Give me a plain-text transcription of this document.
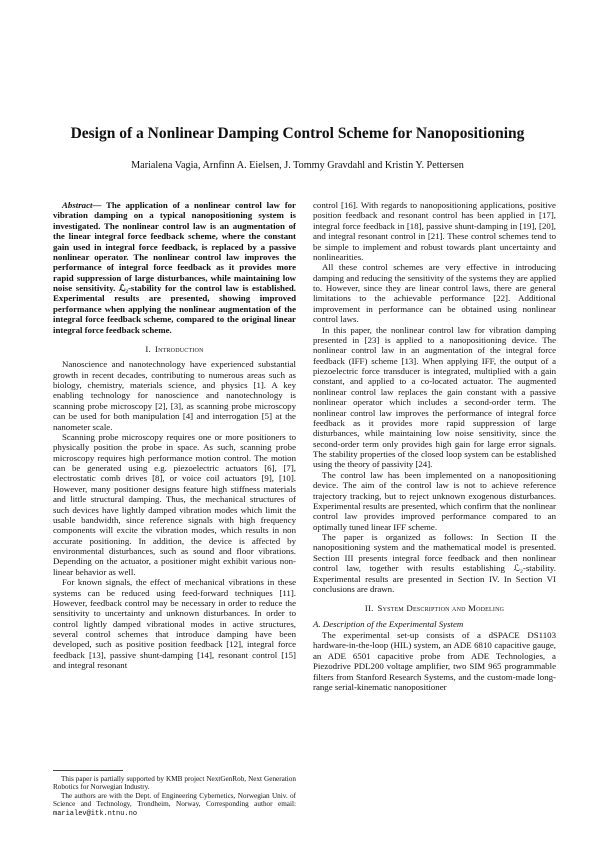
Design of a Nonlinear Damping Control Scheme for Nanopositioning
Marialena Vagia, Arnfinn A. Eielsen, J. Tommy Gravdahl and Kristin Y. Pettersen

Abstract— The application of a nonlinear control law for vibration damping on a typical nanopositioning system is investigated. The nonlinear control law is an augmentation of the linear integral force feedback scheme, where the constant gain used in integral force feedback, is replaced by a passive nonlinear operator. The nonlinear control law improves the performance of integral force feedback as it provides more rapid suppression of large disturbances, while maintaining low noise sensitivity. ℒ₂-stability for the control law is established. Experimental results are presented, showing improved performance when applying the nonlinear augmentation of the integral force feedback scheme, compared to the original linear integral force feedback scheme.

I. Introduction

Nanoscience and nanotechnology have experienced substantial growth in recent decades, contributing to numerous areas such as biology, chemistry, materials science, and physics [1]. A key enabling technology for nanoscience and nanotechnology is scanning probe microscopy [2], [3], as scanning probe microscopy can be used for both manipulation [4] and interrogation [5] at the nanometer scale.

Scanning probe microscopy requires one or more positioners to physically position the probe in space. As such, scanning probe microscopy requires high performance motion control. The motion can be generated using e.g. piezoelectric actuators [6], [7], electrostatic comb drives [8], or voice coil actuators [9], [10]. However, many positioner designs feature high stiffness materials and little structural damping. Thus, the mechanical structures of such devices have lightly damped vibration modes which limit the usable bandwidth, since reference signals with high frequency components will excite the vibration modes, which results in non accurate positioning. In addition, the device is affected by environmental disturbances, such as sound and floor vibrations. Depending on the actuator, a positioner might exhibit various non-linear behavior as well.

For known signals, the effect of mechanical vibrations in these systems can be reduced using feed-forward techniques [11]. However, feedback control may be necessary in order to reduce the sensitivity to uncertainty and unknown disturbances. In order to control lightly damped vibrational modes in active structures, several control schemes that introduce damping have been developed, such as positive position feedback [12], integral force feedback [13], passive shunt-damping [14], resonant control [15] and integral resonant

control [16]. With regards to nanopositioning applications, positive position feedback and resonant control has been applied in [17], integral force feedback in [18], passive shunt-damping in [19], [20], and integral resonant control in [21]. These control schemes tend to be simple to implement and robust towards plant uncertainty and nonlinearities.

All these control schemes are very effective in introducing damping and reducing the sensitivity of the systems they are applied to. However, since they are linear control laws, there are general limitations to the achievable performance [22]. Additional improvement in performance can be obtained using nonlinear control laws.

In this paper, the nonlinear control law for vibration damping presented in [23] is applied to a nanopositioning device. The nonlinear control law in an augmentation of the integral force feedback (IFF) scheme [13]. When applying IFF, the output of a piezoelectric force transducer is integrated, multiplied with a gain constant, and applied to a co-located actuator. The augmented nonlinear control law replaces the gain constant with a passive nonlinear operator which includes a second-order term. The nonlinear control law improves the performance of integral force feedback as it provides more rapid suppression of large disturbances, while maintaining low noise sensitivity, since the second-order term only provides high gain for large error signals. The stability properties of the closed loop system can be established using the theory of passivity [24].

The control law has been implemented on a nanopositioning device. The aim of the control law is not to achieve reference trajectory tracking, but to reject unknown exogenous disturbances. Experimental results are presented, which confirm that the nonlinear control law provides improved performance compared to an optimally tuned linear IFF scheme.

The paper is organized as follows: In Section II the nanopositioning system and the mathematical model is presented. Section III presents integral force feedback and then nonlinear control law, together with results establishing ℒ₂-stability. Experimental results are presented in Section IV. In Section VI conclusions are drawn.

II. System Description and Modeling
A. Description of the Experimental System

The experimental set-up consists of a dSPACE DS1103 hardware-in-the-loop (HIL) system, an ADE 6810 capacitive gauge, an ADE 6501 capacitive probe from ADE Technologies, a Piezodrive PDL200 voltage amplifier, two SIM 965 programmable filters from Stanford Research Systems, and the custom-made long-range serial-kinematic nanopositioner

This paper is partially supported by KMB project NextGenRob, Next Generation Robotics for Norwegian Industry.

The authors are with the Dept. of Engineering Cybernetics, Norwegian Univ. of Science and Technology, Trondheim, Norway, Corresponding author email: marialev@itk.ntnu.no
